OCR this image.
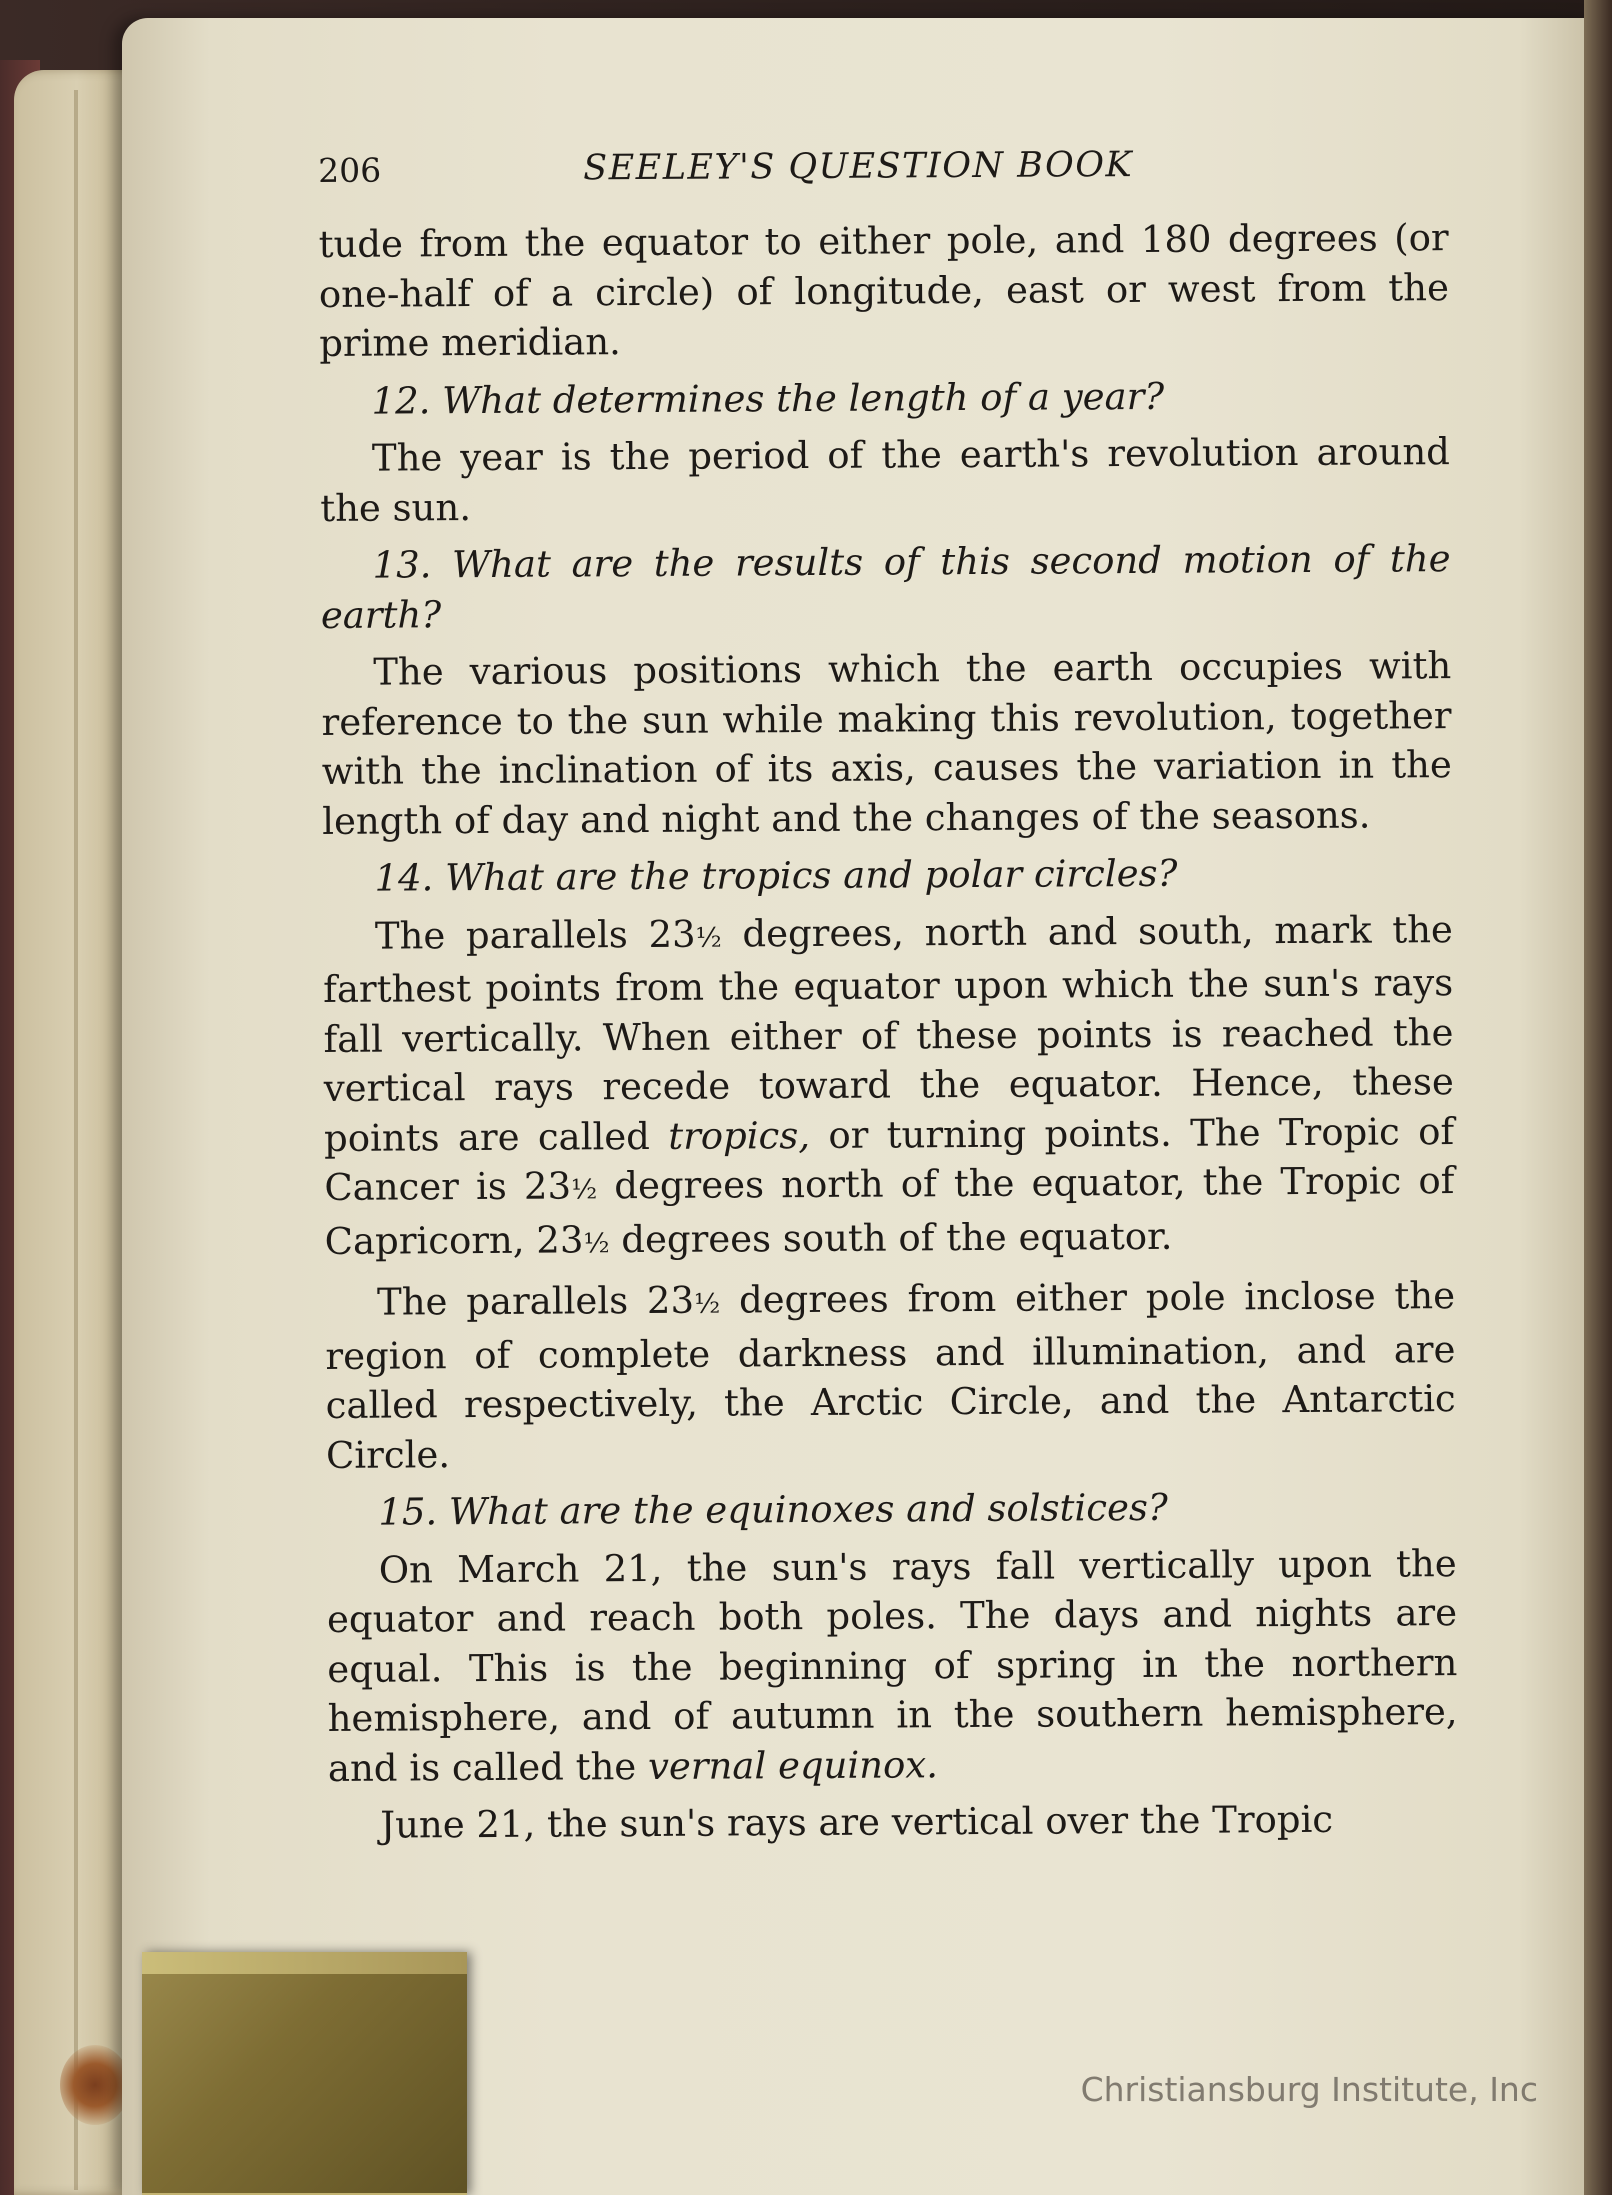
206	SEELEY'S QUESTION BOOK

tude from the equator to either pole, and 180 degrees (or one-half of a circle) of longitude, east or west from the prime meridian.

12. What determines the length of a year?

The year is the period of the earth's revolution around the sun.

13. What are the results of this second motion of the earth?

The various positions which the earth occupies with reference to the sun while making this revolution, together with the inclination of its axis, causes the variation in the length of day and night and the changes of the seasons.

14. What are the tropics and polar circles?

The parallels 23½ degrees, north and south, mark the farthest points from the equator upon which the sun's rays fall vertically. When either of these points is reached the vertical rays recede toward the equator. Hence, these points are called tropics, or turning points. The Tropic of Cancer is 23½ degrees north of the equator, the Tropic of Capricorn, 23½ degrees south of the equator.

The parallels 23½ degrees from either pole inclose the region of complete darkness and illumination, and are called respectively, the Arctic Circle, and the Antarctic Circle.

15. What are the equinoxes and solstices?

On March 21, the sun's rays fall vertically upon the equator and reach both poles. The days and nights are equal. This is the beginning of spring in the northern hemisphere, and of autumn in the southern hemisphere, and is called the vernal equinox.

June 21, the sun's rays are vertical over the Tropic

Christiansburg Institute, Inc
